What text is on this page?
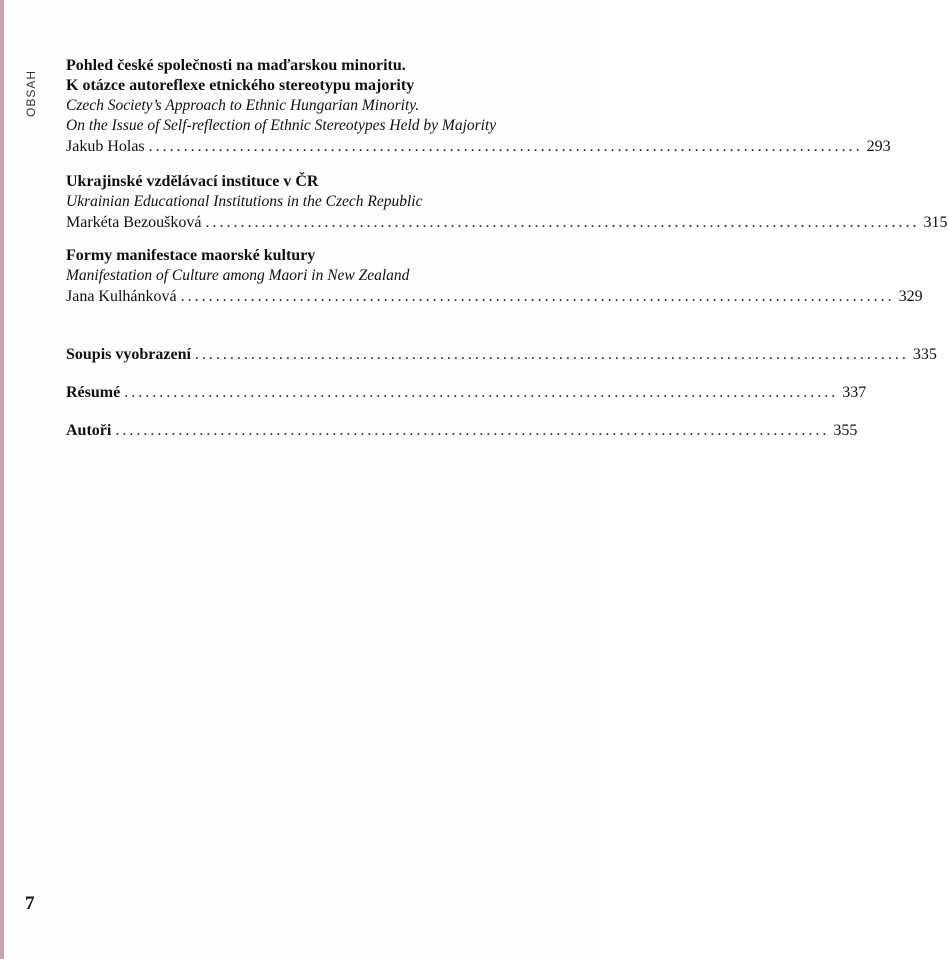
OBSAH
Pohled české společnosti na maďarskou minoritu.
K otázce autoreflexe etnického stereotypu majority
Czech Society’s Approach to Ethnic Hungarian Minority.
On the Issue of Self-reflection of Ethnic Stereotypes Held by Majority
Jakub Holas ...................................................................................................... 293
Ukrajinské vzdělávací instituce v ČR
Ukrainian Educational Institutions in the Czech Republic
Markéta Bezoušková ...................................................................................................... 315
Formy manifestace maorské kultury
Manifestation of Culture among Maori in New Zealand
Jana Kulhánková ...................................................................................................... 329
Soupis vyobrazení ...................................................................................................... 335
Résumé ...................................................................................................... 337
Autoři ...................................................................................................... 355
7
